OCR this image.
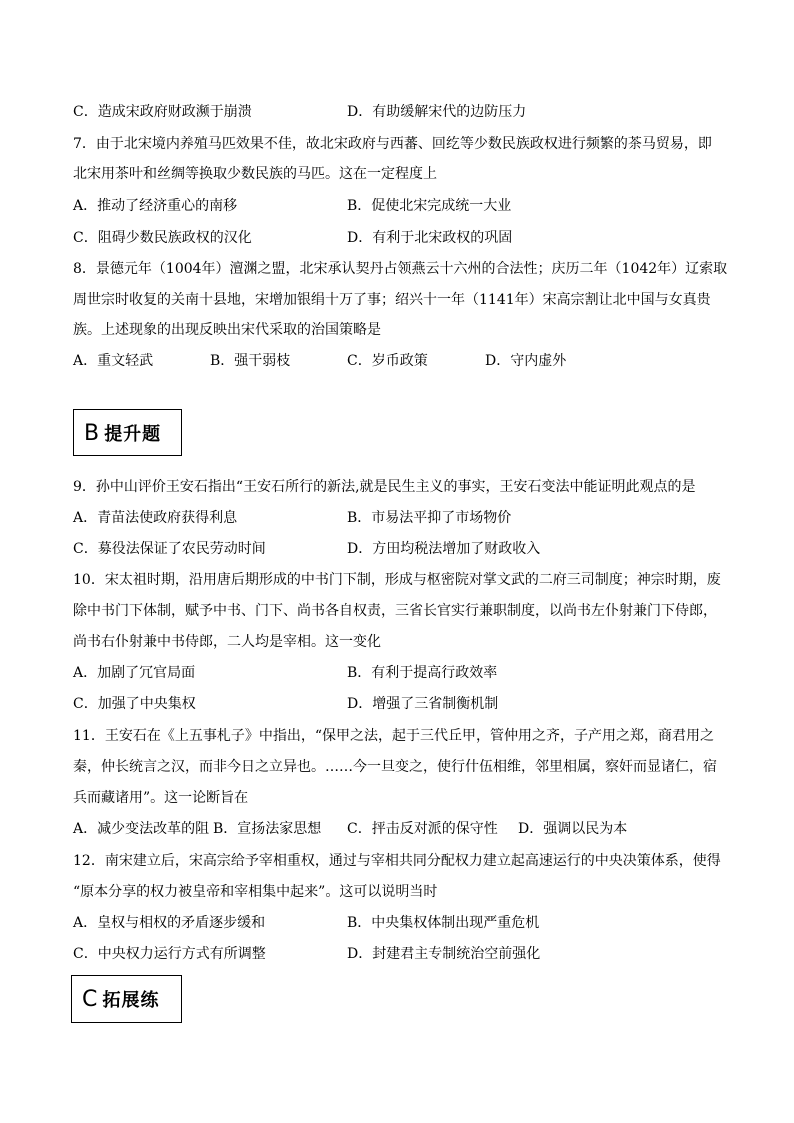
C．造成宋政府财政濒于崩溃	D．有助缓解宋代的边防压力
7．由于北宋境内养殖马匹效果不佳，故北宋政府与西蕃、回纥等少数民族政权进行频繁的茶马贸易，即
北宋用茶叶和丝绸等换取少数民族的马匹。这在一定程度上
A．推动了经济重心的南移	B．促使北宋完成统一大业
C．阻碍少数民族政权的汉化	D．有利于北宋政权的巩固
8．景德元年（1004年）澶渊之盟，北宋承认契丹占领燕云十六州的合法性；庆历二年（1042年）辽索取
周世宗时收复的关南十县地，宋增加银绢十万了事；绍兴十一年（1141年）宋高宗割让北中国与女真贵
族。上述现象的出现反映出宋代采取的治国策略是
A．重文轻武	B．强干弱枝	C．岁币政策	D．守内虚外
B 提升题
9．孙中山评价王安石指出“王安石所行的新法,就是民生主义的事实，王安石变法中能证明此观点的是
A．青苗法使政府获得利息	B．市易法平抑了市场物价
C．募役法保证了农民劳动时间	D．方田均税法增加了财政收入
10．宋太祖时期，沿用唐后期形成的中书门下制，形成与枢密院对掌文武的二府三司制度；神宗时期，废
除中书门下体制，赋予中书、门下、尚书各自权责，三省长官实行兼职制度，以尚书左仆射兼门下侍郎，
尚书右仆射兼中书侍郎，二人均是宰相。这一变化
A．加剧了冗官局面	B．有利于提高行政效率
C．加强了中央集权	D．增强了三省制衡机制
11．王安石在《上五事札子》中指出，“保甲之法，起于三代丘甲，管仲用之齐，子产用之郑，商君用之
秦，仲长统言之汉，而非今日之立异也。……今一旦变之，使行什伍相维，邻里相属，察奸而显诸仁，宿
兵而藏诸用”。这一论断旨在
A．减少变法改革的阻 B．宣扬法家思想 C．抨击反对派的保守性 D．强调以民为本
12．南宋建立后，宋高宗给予宰相重权，通过与宰相共同分配权力建立起高速运行的中央决策体系，使得
“原本分享的权力被皇帝和宰相集中起来”。这可以说明当时
A．皇权与相权的矛盾逐步缓和	B．中央集权体制出现严重危机
C．中央权力运行方式有所调整	D．封建君主专制统治空前强化
C 拓展练
